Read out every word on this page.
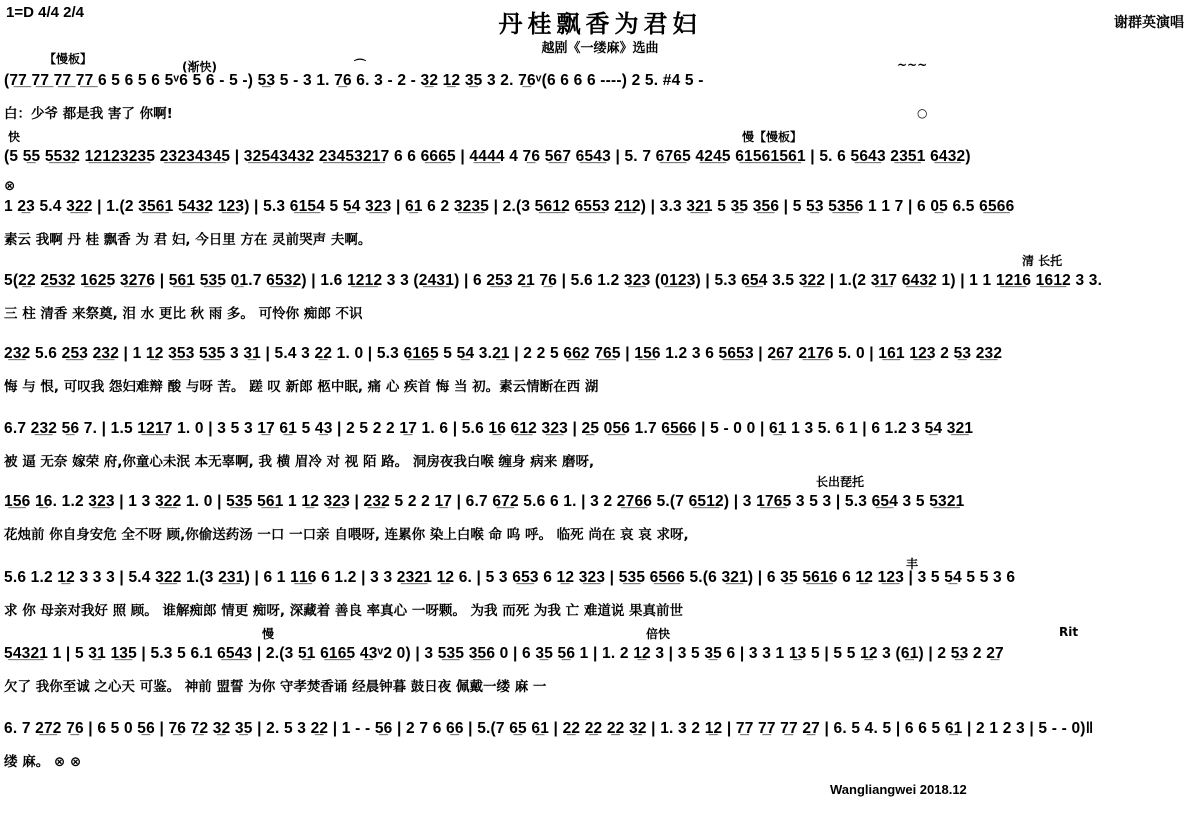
1=D 4/4 2/4	丹桂飘香为君妇
越剧《一缕麻》选曲
谢群英演唱
(7̲7̲ 7̲7̲ 7̲7̲ 7̲7̲ 6 5 6 5 6 5ᵛ6 5 6 - 5 -) 5̲3 5 - 3 1. 7̲6 6. 3 - 2 - 3̲2 1̲2 3̲5 3 2. 7̲6ᵛ(6 6 6 6 ----) 2 5. #4 5 -
白：少爷 都是我 害了 你啊!
【慢板】
(渐快)	⌒	~~~
○
(5 5̲5 5̲5̲3̲2 1̲2̲1̲2̲3̲2̲3̲5 2̲3̲2̲3̲4̲3̲4̲5 | 3̲2̲5̲4̲3̲4̲3̲2 2̲3̲4̲5̲3̲2̲1̲7 6 6 6̲6̲6̲5 | 4̲4̲4̲4 4 7̲6 5̲6̲7 6̲5̲4̲3 | 5. 7 6̲7̲6̲5 4̲2̲4̲5 6̲1̲5̲6̲1̲5̲6̲1 | 5. 6 5̲6̲4̲3 2̲3̲5̲1 6̲4̲3̲2)
⊗
快	慢【慢板】
1 2̲3 5.4 3̲2̲2 | 1.(2 3̲5̲6̲1 5̲4̲3̲2 1̲2̲3) | 5.3 6̲1̲5̲4 5 5̲4 3̲2̲3 | 6̲1 6 2 3̲2̲3̲5 | 2.(3 5̲6̲1̲2 6̲5̲5̲3 2̲1̲2) | 3.3 3̲2̲1 5 3̲5 3̲5̲6 | 5 5̲3 5̲3̲5̲6 1 1 7 | 6 0̲5 6.5 6̲5̲6̲6
素云 我啊 丹 桂 飘香 为 君 妇, 今日里 方在 灵前哭声 夫啊。
5(2̲2 2̲5̲3̲2 1̲6̲2̲5 3̲2̲7̲6 | 5̲6̲1 5̲3̲5 0̲1.7 6̲5̲3̲2) | 1.6 1̲2̲1̲2 3 3 (2̲4̲3̲1) | 6 2̲5̲3 2̲1 7̲6 | 5.6 1.2 3̲2̲3 (0̲1̲2̲3) | 5.3 6̲5̲4 3.5 3̲2̲2 | 1.(2 3̲1̲7 6̲4̲3̲2 1) | 1 1 1̲2̲1̲6 1̲6̲1̲2 3 3.
三 柱 清香 来祭奠, 泪 水 更比 秋 雨 多。 可怜你 痴郎 不识
清 长托
2̲3̲2 5.6 2̲5̲3 2̲3̲2 | 1 1̲2 3̲5̲3 5̲3̲5 3 3̲1 | 5.4 3 2̲2 1. 0 | 5.3 6̲1̲6̲5 5 5̲4 3.2̲1 | 2 2 5 6̲6̲2 7̲6̲5 | 1̲5̲6 1.2 3 6 5̲6̲5̲3 | 2̲6̲7 2̲1̲7̲6 5. 0 | 1̲6̲1 1̲2̲3 2 5̲3 2̲3̲2
悔 与 恨, 可叹我 怨妇难辩 酸 与呀 苦。 蹉 叹 新郎 柩中眠, 痛 心 疾首 悔 当 初。素云情断在西 湖
6.7 2̲3̲2 5̲6 7. | 1.5 1̲2̲1̲7 1. 0 | 3 5 3 1̲7 6̲1 5 4̲3 | 2 5 2 2 1̲7 1. 6 | 5.6 1̲6 6̲1̲2 3̲2̲3 | 2̲5 0̲5̲6 1.7 6̲5̲6̲6 | 5 - 0 0 | 6̲1 1 3 5. 6 1 | 6 1.2 3 5̲4 3̲2̲1
被 逼 无奈 嫁荣 府,你童心未泯 本无辜啊, 我 横 眉冷 对 视 陌 路。 洞房夜我白喉 缠身 病来 磨呀,
1̲5̲6 1̲6. 1.2 3̲2̲3 | 1 3 3̲2̲2 1. 0 | 5̲3̲5 5̲6̲1 1 1̲2 3̲2̲3 | 2̲3̲2 5 2 2 1̲7 | 6.7 6̲7̲2 5.6 6 1. | 3 2 2̲7̲6̲6 5.(7 6̲5̲1̲2) | 3 1̲7̲6̲5 3 5 3 | 5.3 6̲5̲4 3 5 5̲3̲2̲1
花烛前 你自身安危 全不呀 顾,你偷送药汤 一口 一口亲 自喂呀, 连累你 染上白喉 命 呜 呼。 临死 尚在 哀 哀 求呀,
长出琵托
5.6 1.2 1̲2 3 3 3 | 5.4 3̲2̲2 1.(3 2̲3̲1) | 6 1 1̲1̲6 6 1.2 | 3 3 2̲3̲2̲1 1̲2 6. | 5 3 6̲5̲3 6 1̲2 3̲2̲3 | 5̲3̲5 6̲5̲6̲6 5.(6 3̲2̲1) | 6 3̲5 5̲6̲1̲6 6 1̲2 1̲2̲3 | 3 5 5̲4 5 5 3 6
求 你 母亲对我好 照 顾。 谁解痴郎 情更 痴呀, 深藏着 善良 率真心 一呀颗。 为我 而死 为我 亡 难道说 果真前世
丰
5̲4̲3̲2̲1 1 | 5 3̲1 1̲3̲5 | 5.3 5 6.1 6̲5̲4̲3 | 2.(3 5̲1 6̲1̲6̲5 4̲3ᵛ2 0) | 3 5̲3̲5 3̲5̲6 0 | 6 3̲5 5̲6 1 | 1. 2 1̲2 3 | 3 5 3̲5 6 | 3 3 1 1̲3 5 | 5 5 1̲2 3 (6̲1) | 2 5̲3 2 2̲7
欠了 我你至诚 之心天 可鉴。 神前 盟誓 为你 守孝焚香诵 经晨钟暮 鼓日夜 佩戴一缕 麻 一
慢	倍快	Rit
6. 7 2̲7̲2 7̲6 | 6 5 0 5̲6 | 7̲6 7̲2 3̲2 3̲5 | 2. 5 3 2̲2 | 1 - - 5̲6 | 2 7 6 6̲6 | 5.(7 6̲5 6̲1 | 2̲2 2̲2 2̲2 3̲2 | 1. 3 2 1̲2 | 7̲7 7̲7 7̲7 2̲7 | 6. 5 4. 5 | 6 6 5 6̲1 | 2 1 2 3 | 5 - - 0)‖
缕 麻。 ⊗ ⊗
Wangliangwei 2018.12
